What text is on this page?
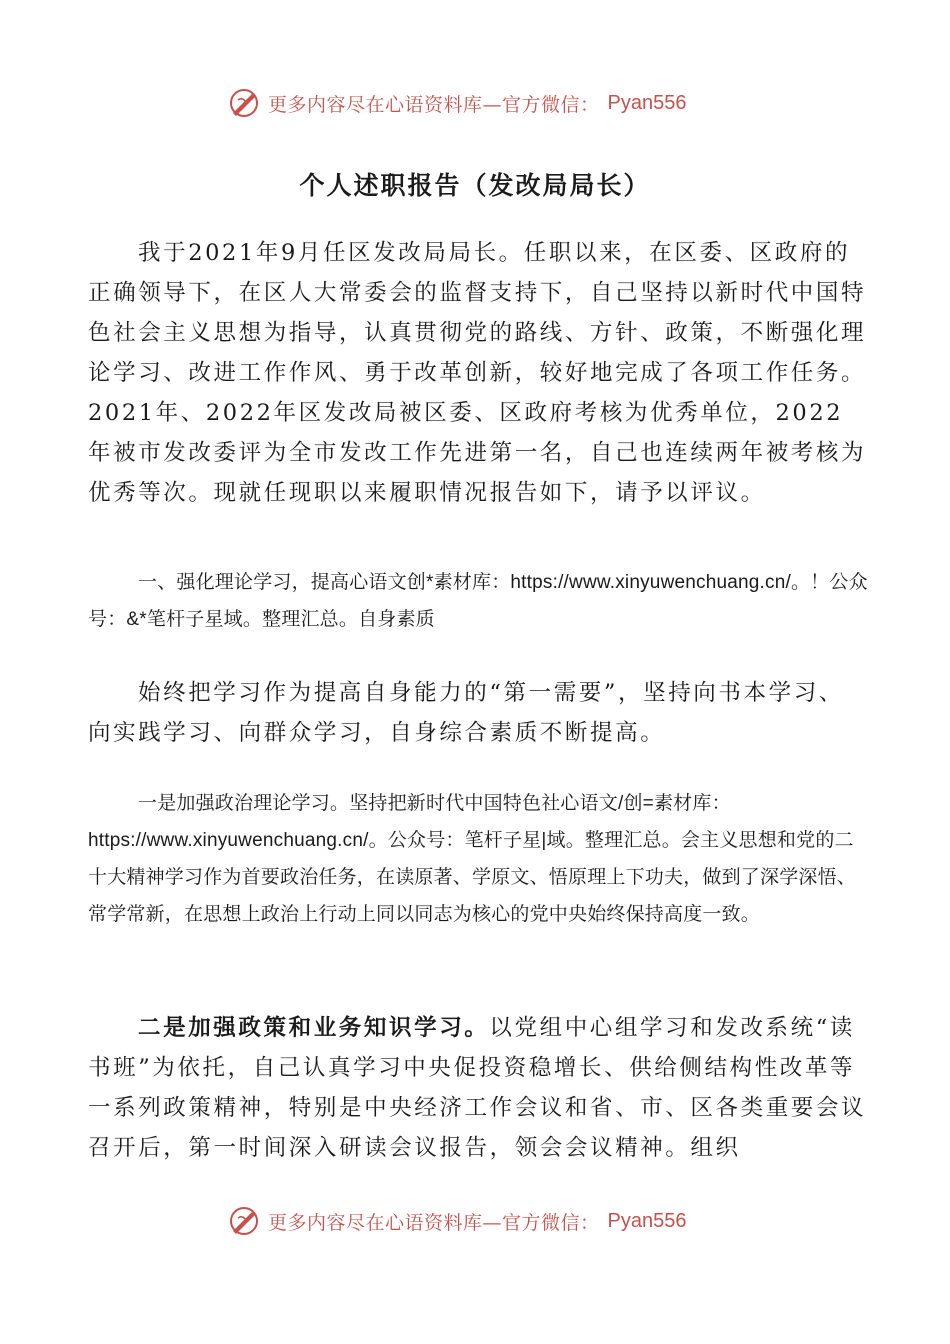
更多内容尽在心语资料库—官方微信： Pyan556
个人述职报告（发改局局长）

我于2021年9月任区发改局局长。任职以来，在区委、区政府的正确领导下，在区人大常委会的监督支持下，自己坚持以新时代中国特色社会主义思想为指导，认真贯彻党的路线、方针、政策，不断强化理论学习、改进工作作风、勇于改革创新，较好地完成了各项工作任务。2021年、2022年区发改局被区委、区政府考核为优秀单位，2022年被市发改委评为全市发改工作先进第一名，自己也连续两年被考核为优秀等次。现就任现职以来履职情况报告如下，请予以评议。

一、强化理论学习，提高心语文创*素材库：https://www.xinyuwenchuang.cn/。！公众号：&*笔杆子星域。整理汇总。自身素质

始终把学习作为提高自身能力的“第一需要”，坚持向书本学习、向实践学习、向群众学习，自身综合素质不断提高。

一是加强政治理论学习。坚持把新时代中国特色社心语文/创=素材库：https://www.xinyuwenchuang.cn/。公众号：笔杆子星|域。整理汇总。会主义思想和党的二十大精神学习作为首要政治任务，在读原著、学原文、悟原理上下功夫，做到了深学深悟、常学常新，在思想上政治上行动上同以同志为核心的党中央始终保持高度一致。

二是加强政策和业务知识学习。以党组中心组学习和发改系统“读书班”为依托，自己认真学习中央促投资稳增长、供给侧结构性改革等一系列政策精神，特别是中央经济工作会议和省、市、区各类重要会议召开后，第一时间深入研读会议报告，领会会议精神。组织

更多内容尽在心语资料库—官方微信： Pyan556
